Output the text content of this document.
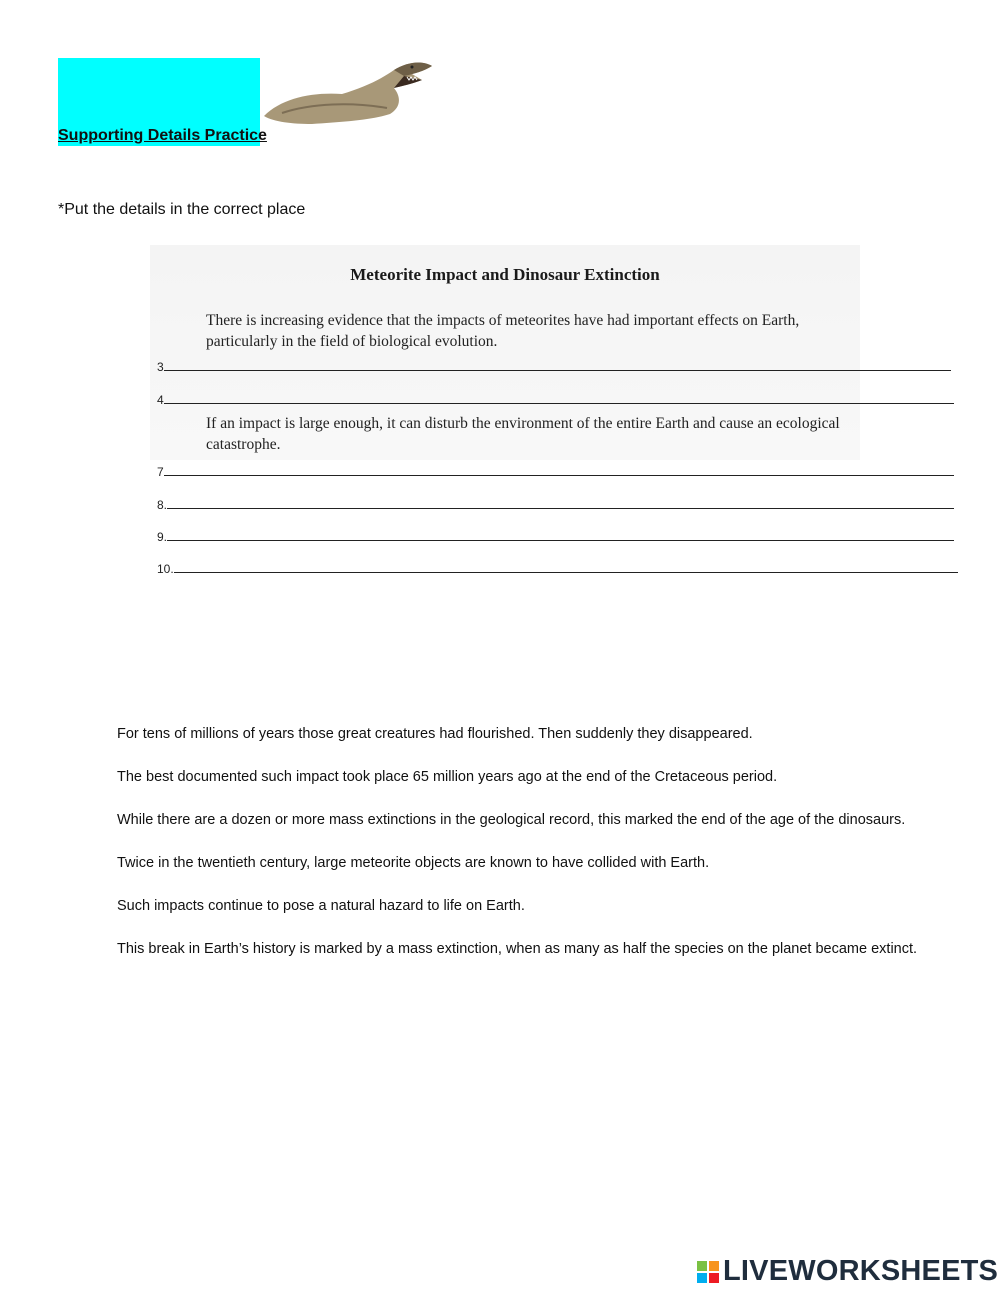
Supporting Details Practice
*Put the details in the correct place
Meteorite Impact and Dinosaur Extinction
There is increasing evidence that the impacts of meteorites have had important effects on Earth, particularly in the field of biological evolution.
If an impact is large enough, it can disturb the environment of the entire Earth and cause an ecological catastrophe.
3
4
7
8.
9.
10.
For tens of millions of years those great creatures had flourished. Then suddenly they disappeared.
The best documented such impact took place 65 million years ago at the end of the Cretaceous period.
While there are a dozen or more mass extinctions in the geological record, this marked the end of the age of the dinosaurs.
Twice in the twentieth century, large meteorite objects are known to have collided with Earth.
Such impacts continue to pose a natural hazard to life on Earth.
This break in Earth’s history is marked by a mass extinction, when as many as half the species on the planet became extinct.
LIVEWORKSHEETS
